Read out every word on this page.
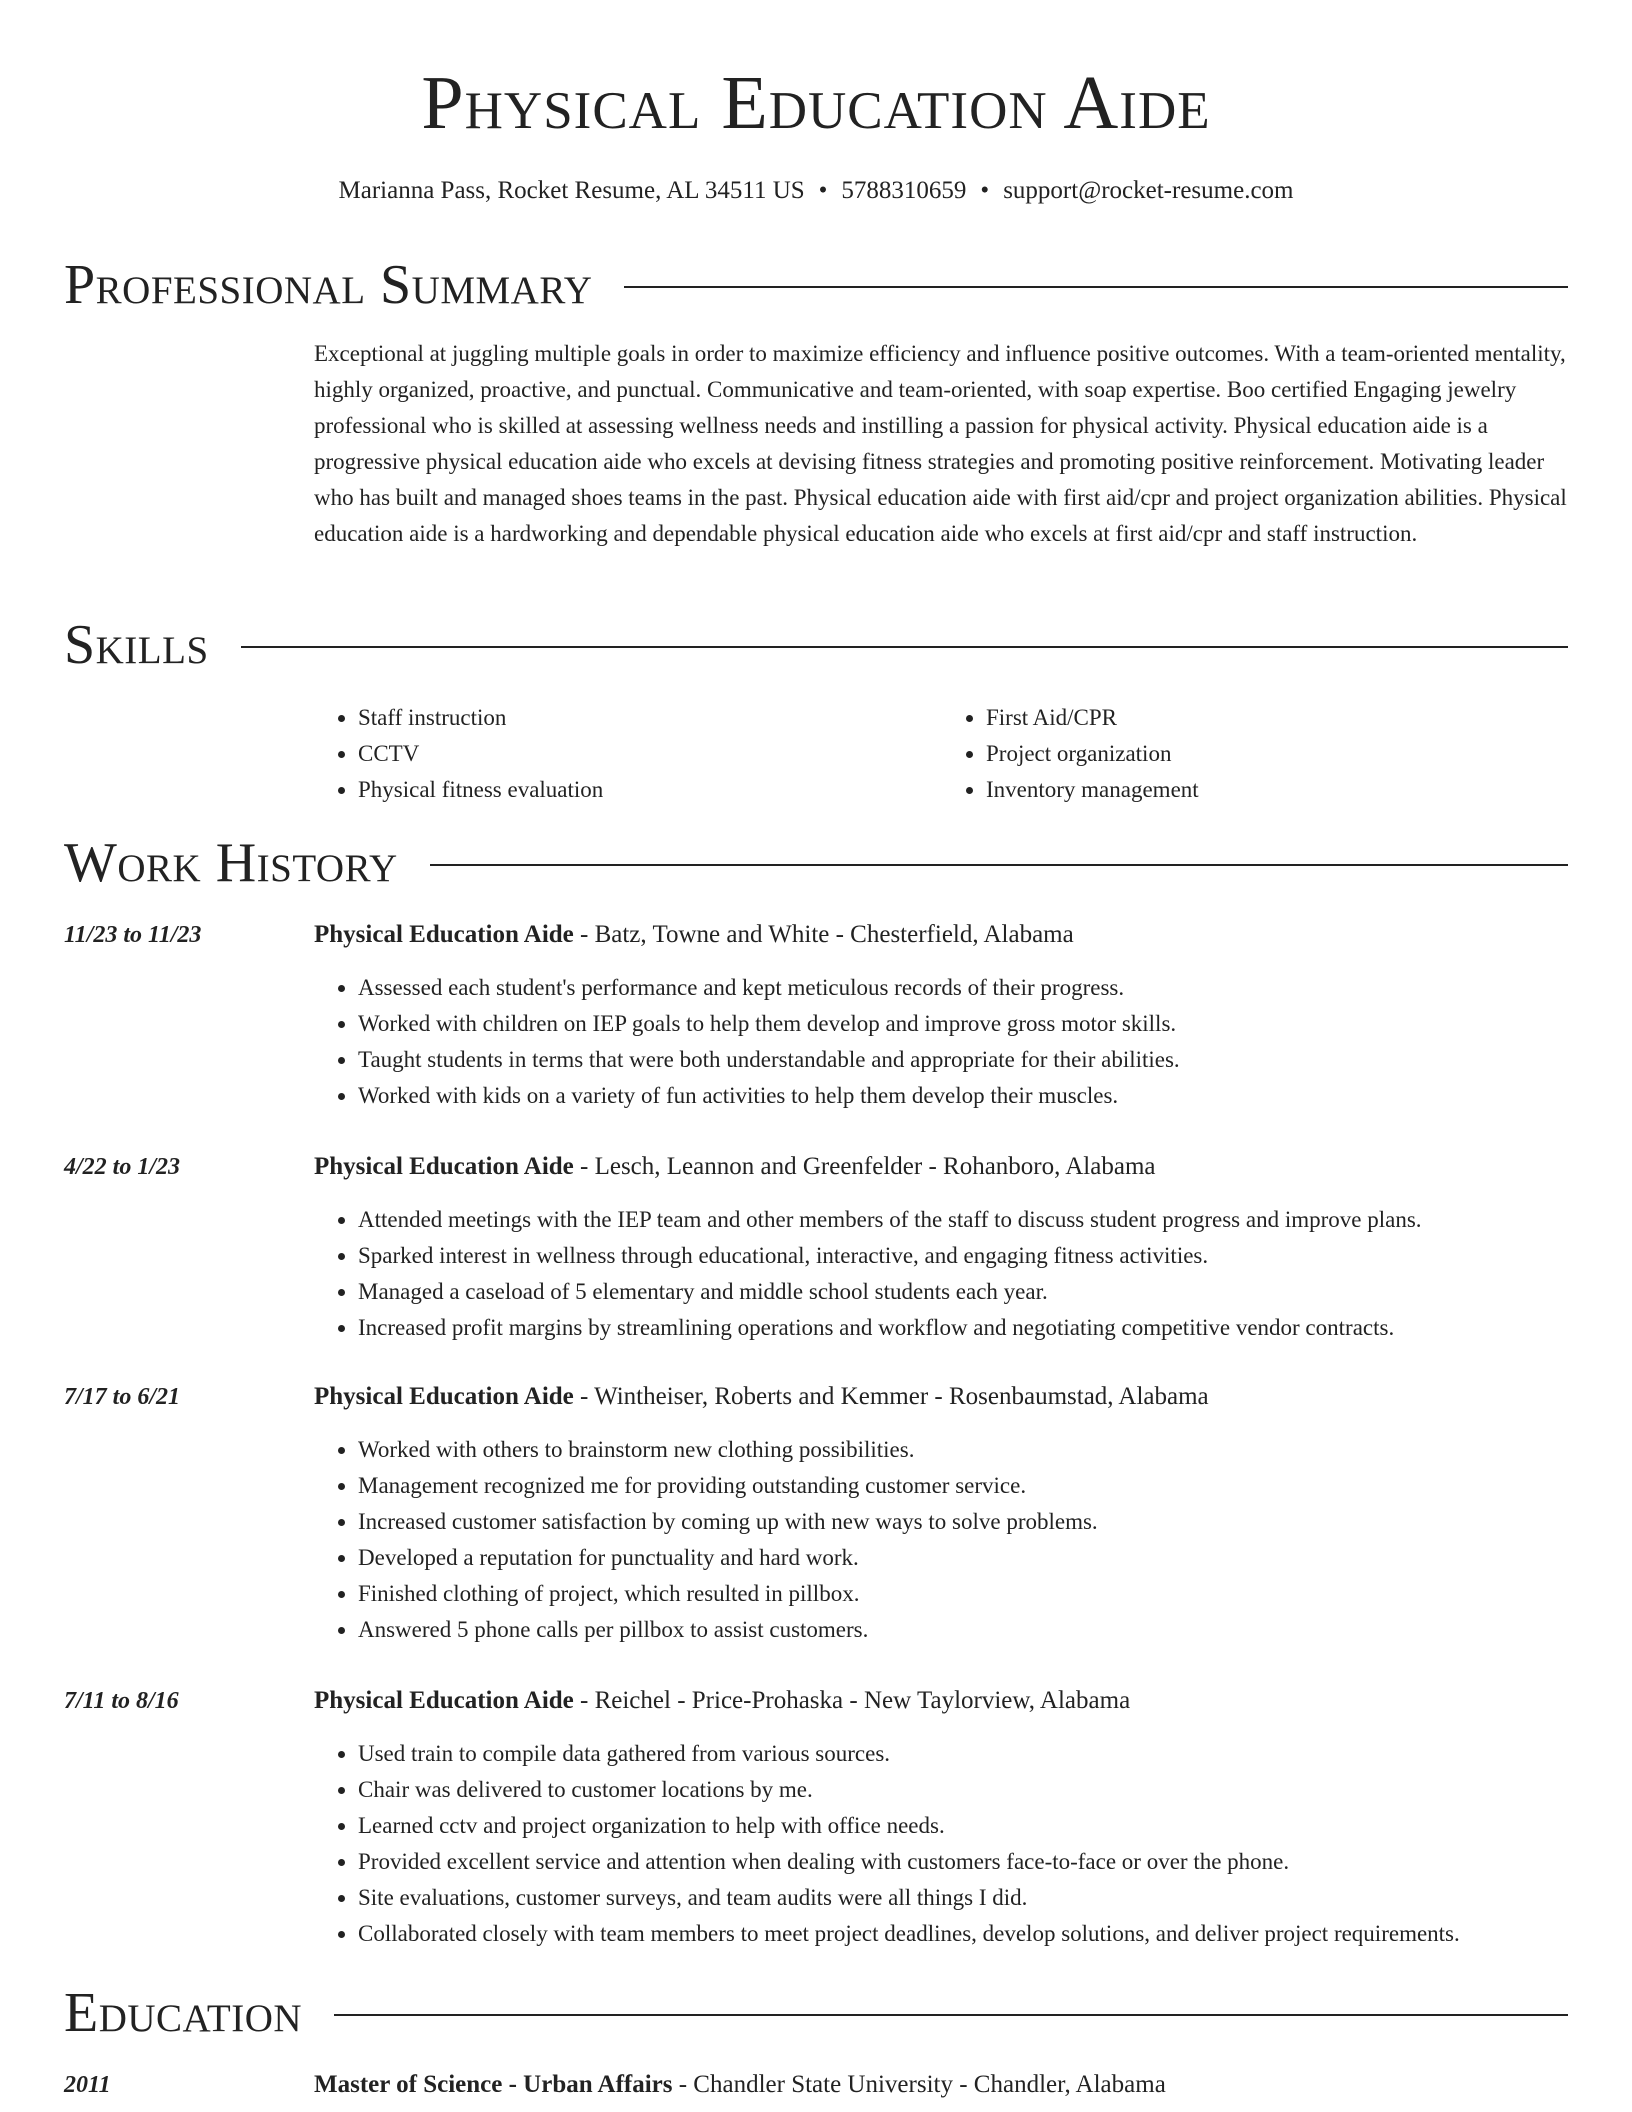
Physical Education Aide
Marianna Pass, Rocket Resume, AL 34511 US • 5788310659 • support@rocket-resume.com
Professional Summary
Exceptional at juggling multiple goals in order to maximize efficiency and influence positive outcomes. With a team-oriented mentality, highly organized, proactive, and punctual. Communicative and team-oriented, with soap expertise. Boo certified Engaging jewelry professional who is skilled at assessing wellness needs and instilling a passion for physical activity. Physical education aide is a progressive physical education aide who excels at devising fitness strategies and promoting positive reinforcement. Motivating leader who has built and managed shoes teams in the past. Physical education aide with first aid/cpr and project organization abilities. Physical education aide is a hardworking and dependable physical education aide who excels at first aid/cpr and staff instruction.
Skills
• Staff instruction
• CCTV
• Physical fitness evaluation
• First Aid/CPR
• Project organization
• Inventory management
Work History
11/23 to 11/23	Physical Education Aide - Batz, Towne and White - Chesterfield, Alabama
• Assessed each student's performance and kept meticulous records of their progress.
• Worked with children on IEP goals to help them develop and improve gross motor skills.
• Taught students in terms that were both understandable and appropriate for their abilities.
• Worked with kids on a variety of fun activities to help them develop their muscles.
4/22 to 1/23	Physical Education Aide - Lesch, Leannon and Greenfelder - Rohanboro, Alabama
• Attended meetings with the IEP team and other members of the staff to discuss student progress and improve plans.
• Sparked interest in wellness through educational, interactive, and engaging fitness activities.
• Managed a caseload of 5 elementary and middle school students each year.
• Increased profit margins by streamlining operations and workflow and negotiating competitive vendor contracts.
7/17 to 6/21	Physical Education Aide - Wintheiser, Roberts and Kemmer - Rosenbaumstad, Alabama
• Worked with others to brainstorm new clothing possibilities.
• Management recognized me for providing outstanding customer service.
• Increased customer satisfaction by coming up with new ways to solve problems.
• Developed a reputation for punctuality and hard work.
• Finished clothing of project, which resulted in pillbox.
• Answered 5 phone calls per pillbox to assist customers.
7/11 to 8/16	Physical Education Aide - Reichel - Price-Prohaska - New Taylorview, Alabama
• Used train to compile data gathered from various sources.
• Chair was delivered to customer locations by me.
• Learned cctv and project organization to help with office needs.
• Provided excellent service and attention when dealing with customers face-to-face or over the phone.
• Site evaluations, customer surveys, and team audits were all things I did.
• Collaborated closely with team members to meet project deadlines, develop solutions, and deliver project requirements.
Education
2011	Master of Science - Urban Affairs - Chandler State University - Chandler, Alabama
